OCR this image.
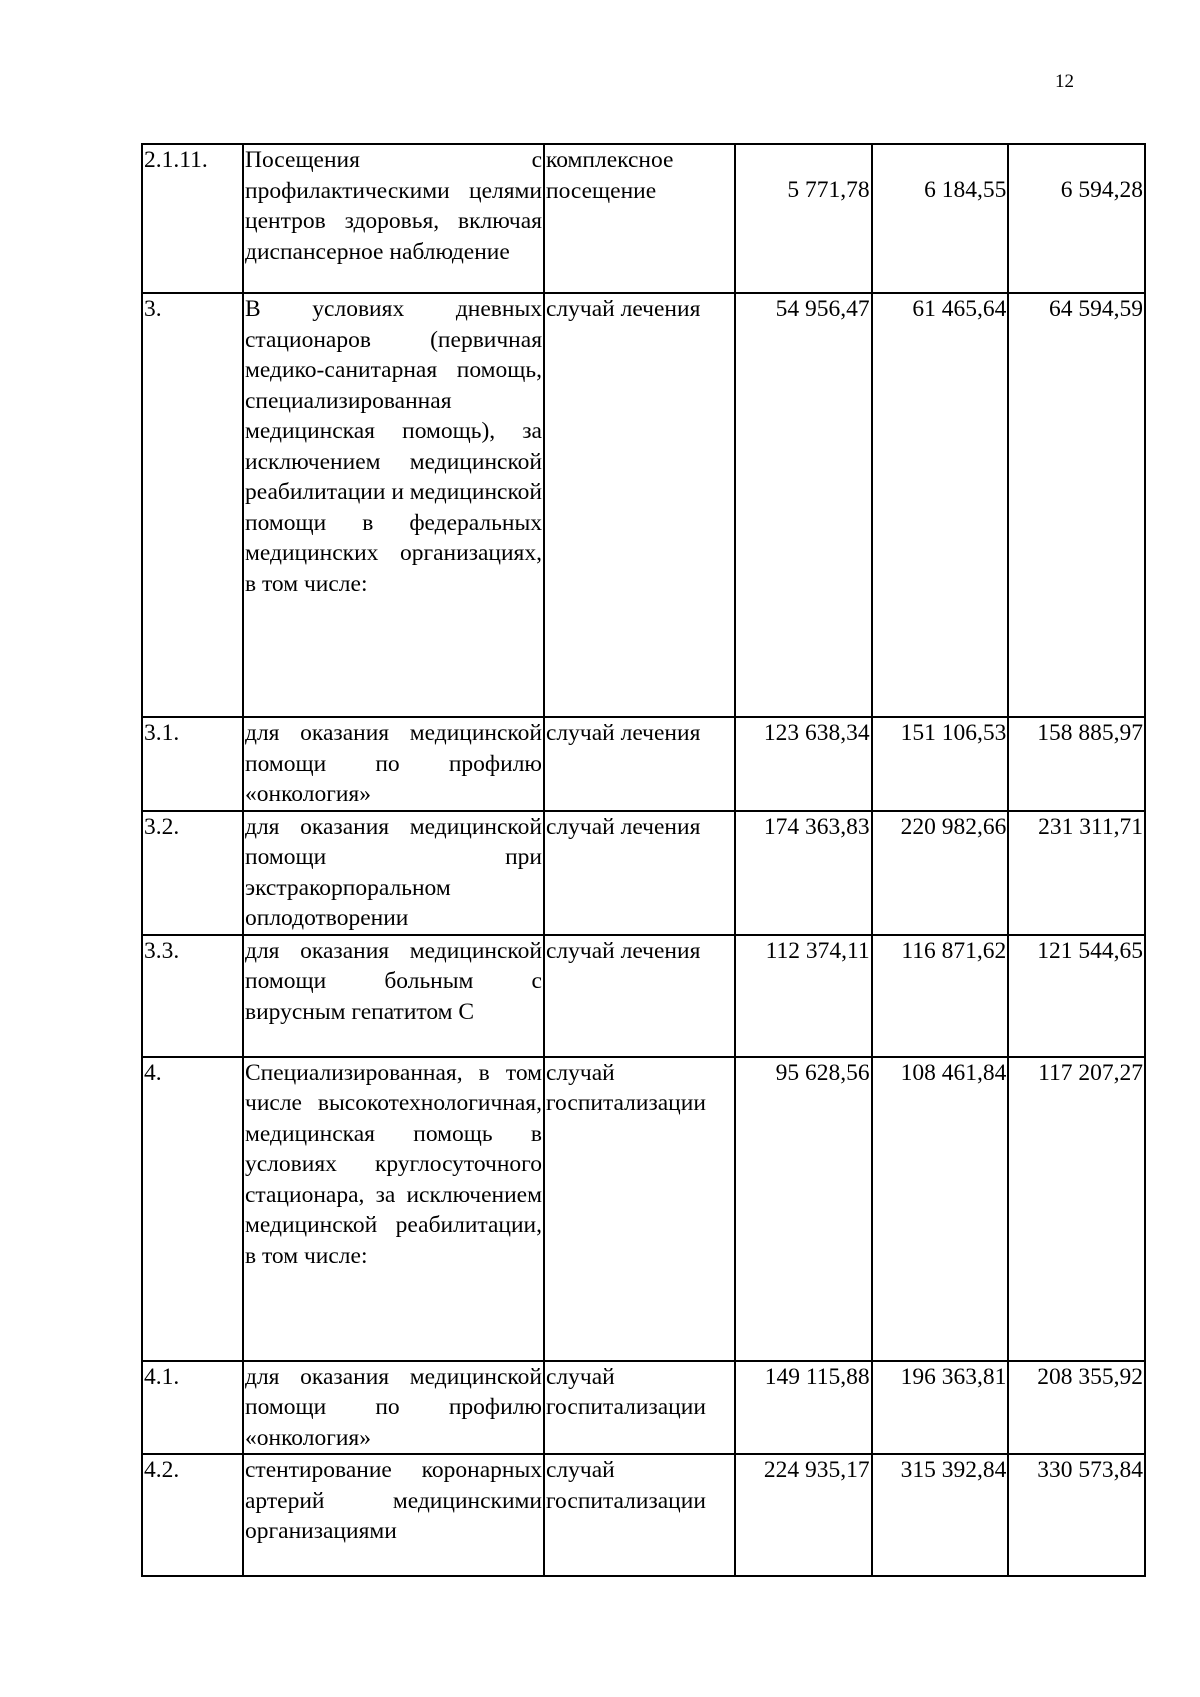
12
2.1.11.	Посещения с профилактическими целями центров здоровья, включая диспансерное наблюдение	комплексное посещение	5 771,78	6 184,55	6 594,28

3.	В условиях дневных стационаров (первичная медико-санитарная помощь, специализированная медицинская помощь), за исключением медицинской реабилитации и медицинской помощи в федеральных медицинских организациях, в том числе:	случай лечения	54 956,47	61 465,64	64 594,59
3.1.	для оказания медицинской помощи по профилю «онкология»	случай лечения	123 638,34	151 106,53	158 885,97
3.2.	для оказания медицинской помощи при экстракорпоральном оплодотворении	случай лечения	174 363,83	220 982,66	231 311,71
3.3.	для оказания медицинской помощи больным с вирусным гепатитом С	случай лечения	112 374,11	116 871,62	121 544,65
4.	Специализированная, в том числе высокотехнологичная, медицинская помощь в условиях круглосуточного стационара, за исключением медицинской реабилитации, в том числе:	случай госпитализации	95 628,56	108 461,84	117 207,27
4.1.	для оказания медицинской помощи по профилю «онкология»	случай госпитализации	149 115,88	196 363,81	208 355,92
4.2.	стентирование коронарных артерий медицинскими организациями	случай госпитализации	224 935,17	315 392,84	330 573,84
